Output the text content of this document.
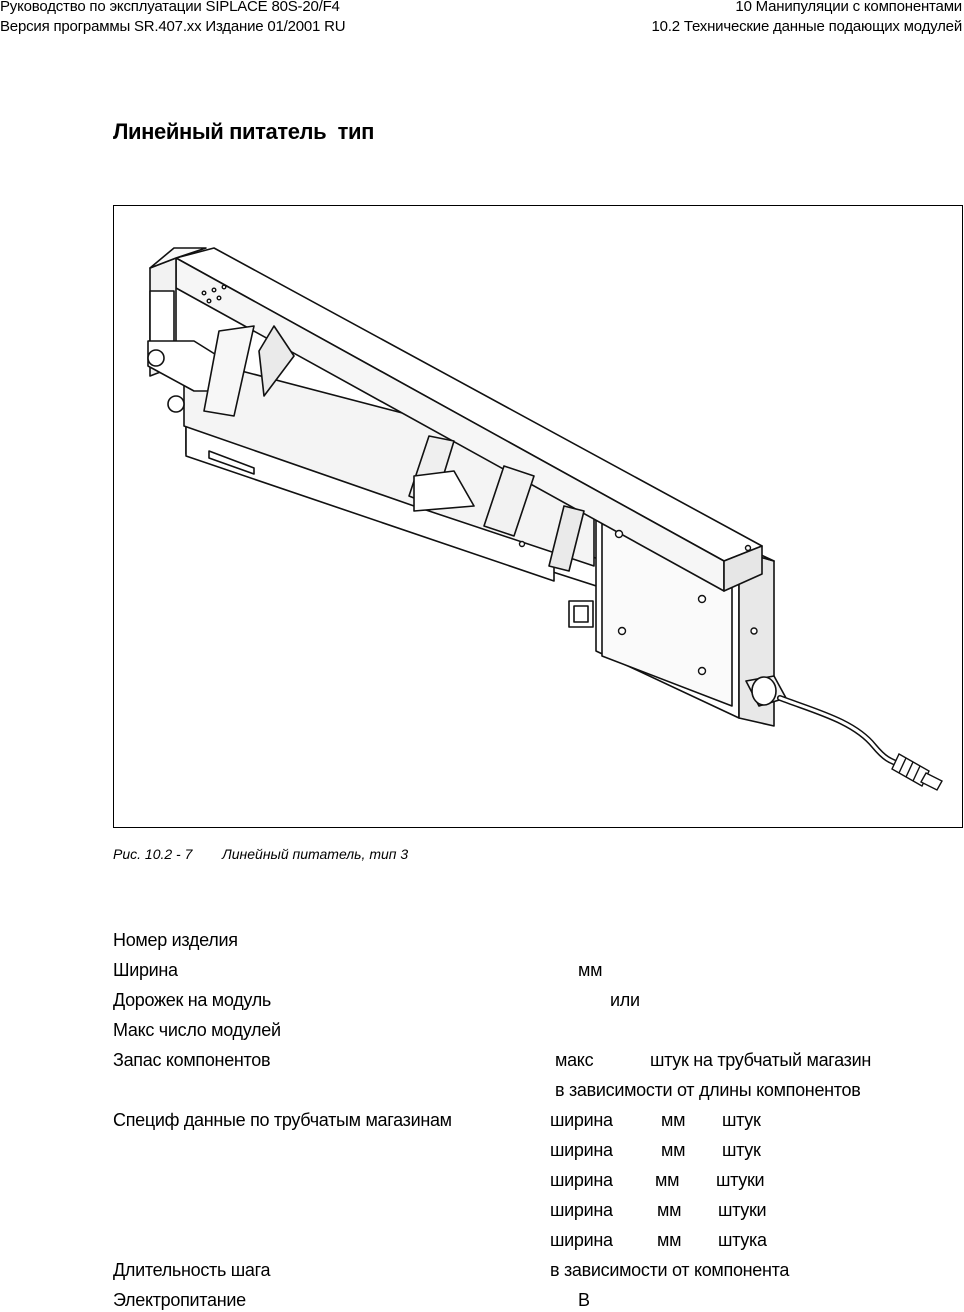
Руководство по эксплуатации SIPLACE 80S-20/F4
Версия программы SR.407.xx Издание 01/2001 RU
10 Манипуляции с компонентами
10.2 Технические данные подающих модулей
Линейный питатель  тип
Рис. 10.2 - 7 Линейный питатель, тип 3
Номер изделия
Ширина	мм
Дорожек на модуль	или
Макс число модулей
Запас компонентов	макс	штук на трубчатый магазин
в зависимости от длины компонентов
Специф данные по трубчатым магазинам	ширина	мм штук
ширина	мм штук
ширина мм штуки
ширина мм штуки
ширина мм штука
Длительность шага	в зависимости от компонента
Электропитание	В
